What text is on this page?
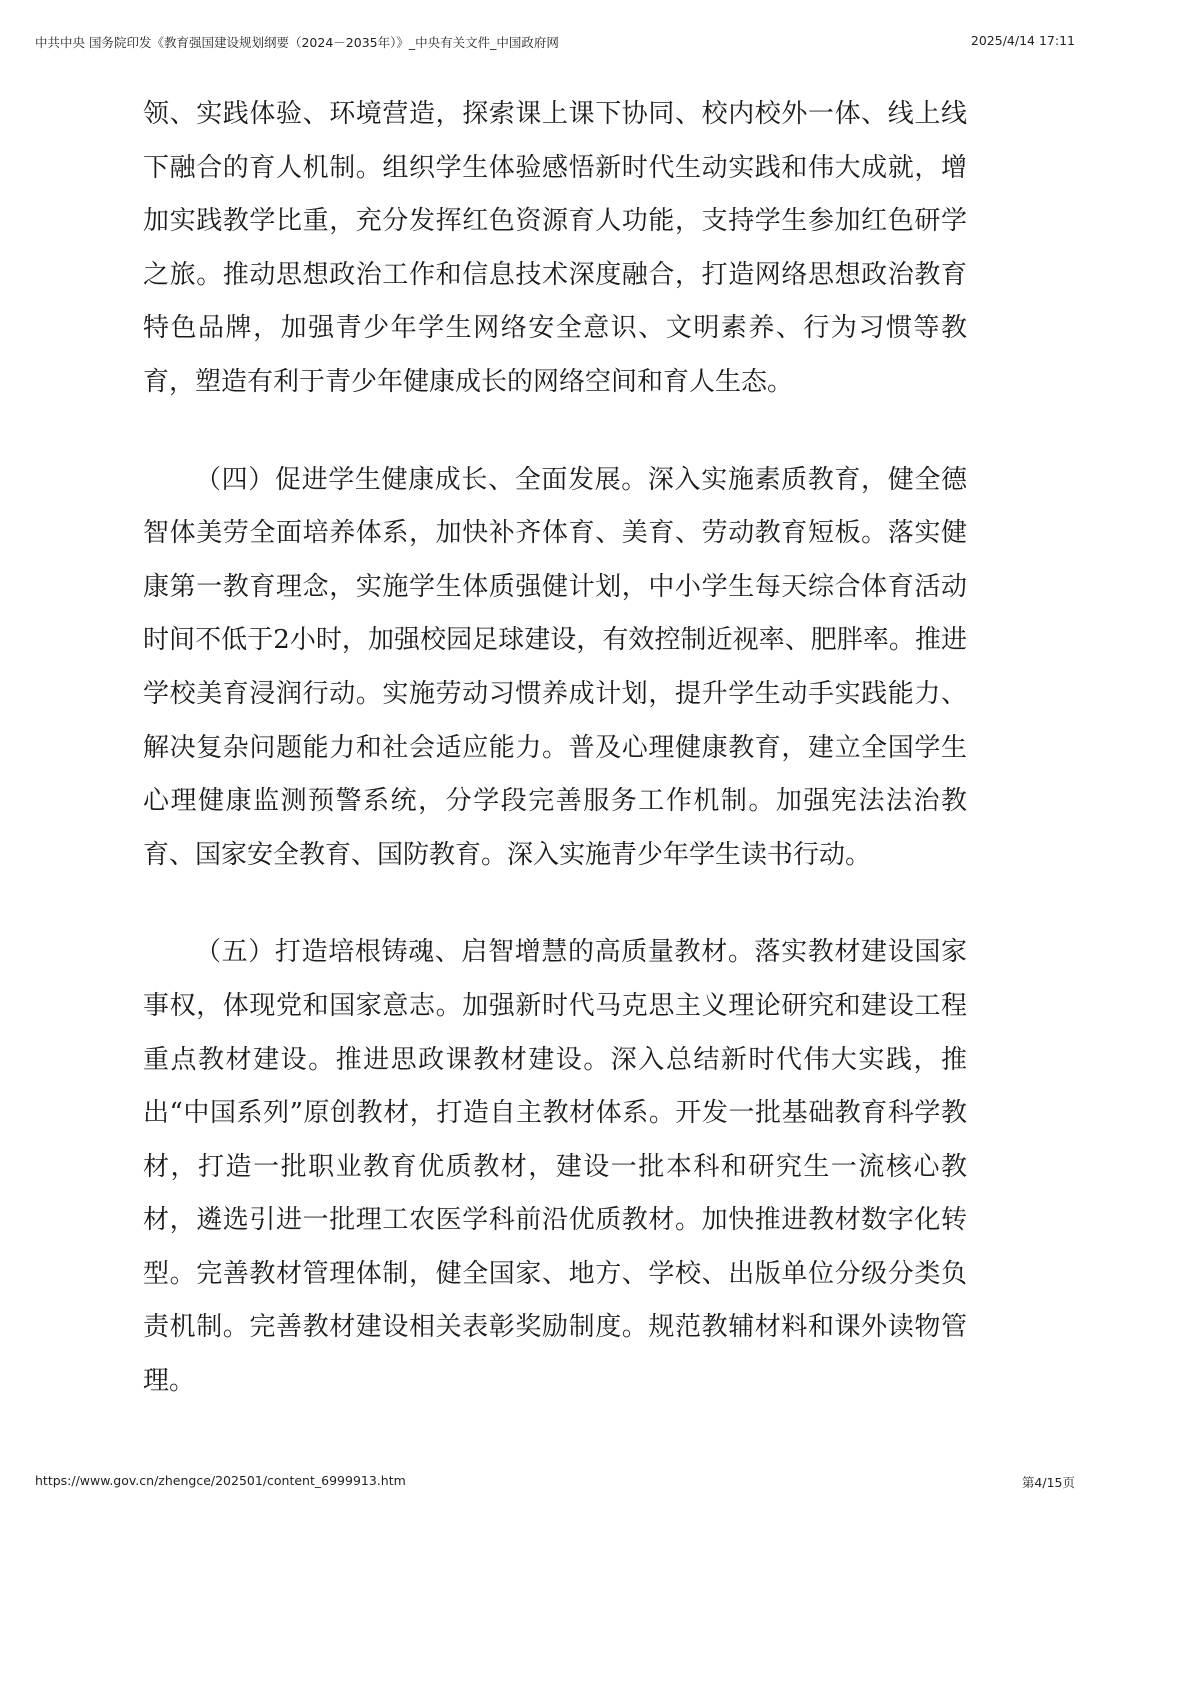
中共中央 国务院印发《教育强国建设规划纲要（2024－2035年）》_中央有关文件_中国政府网	2025/4/14 17:11

领、实践体验、环境营造，探索课上课下协同、校内校外一体、线上线下融合的育人机制。组织学生体验感悟新时代生动实践和伟大成就，增加实践教学比重，充分发挥红色资源育人功能，支持学生参加红色研学之旅。推动思想政治工作和信息技术深度融合，打造网络思想政治教育特色品牌，加强青少年学生网络安全意识、文明素养、行为习惯等教育，塑造有利于青少年健康成长的网络空间和育人生态。

（四）促进学生健康成长、全面发展。深入实施素质教育，健全德智体美劳全面培养体系，加快补齐体育、美育、劳动教育短板。落实健康第一教育理念，实施学生体质强健计划，中小学生每天综合体育活动时间不低于2小时，加强校园足球建设，有效控制近视率、肥胖率。推进学校美育浸润行动。实施劳动习惯养成计划，提升学生动手实践能力、解决复杂问题能力和社会适应能力。普及心理健康教育，建立全国学生心理健康监测预警系统，分学段完善服务工作机制。加强宪法法治教育、国家安全教育、国防教育。深入实施青少年学生读书行动。

（五）打造培根铸魂、启智增慧的高质量教材。落实教材建设国家事权，体现党和国家意志。加强新时代马克思主义理论研究和建设工程重点教材建设。推进思政课教材建设。深入总结新时代伟大实践，推出“中国系列”原创教材，打造自主教材体系。开发一批基础教育科学教材，打造一批职业教育优质教材，建设一批本科和研究生一流核心教材，遴选引进一批理工农医学科前沿优质教材。加快推进教材数字化转型。完善教材管理体制，健全国家、地方、学校、出版单位分级分类负责机制。完善教材建设相关表彰奖励制度。规范教辅材料和课外读物管理。

https://www.gov.cn/zhengce/202501/content_6999913.htm	第4/15页
